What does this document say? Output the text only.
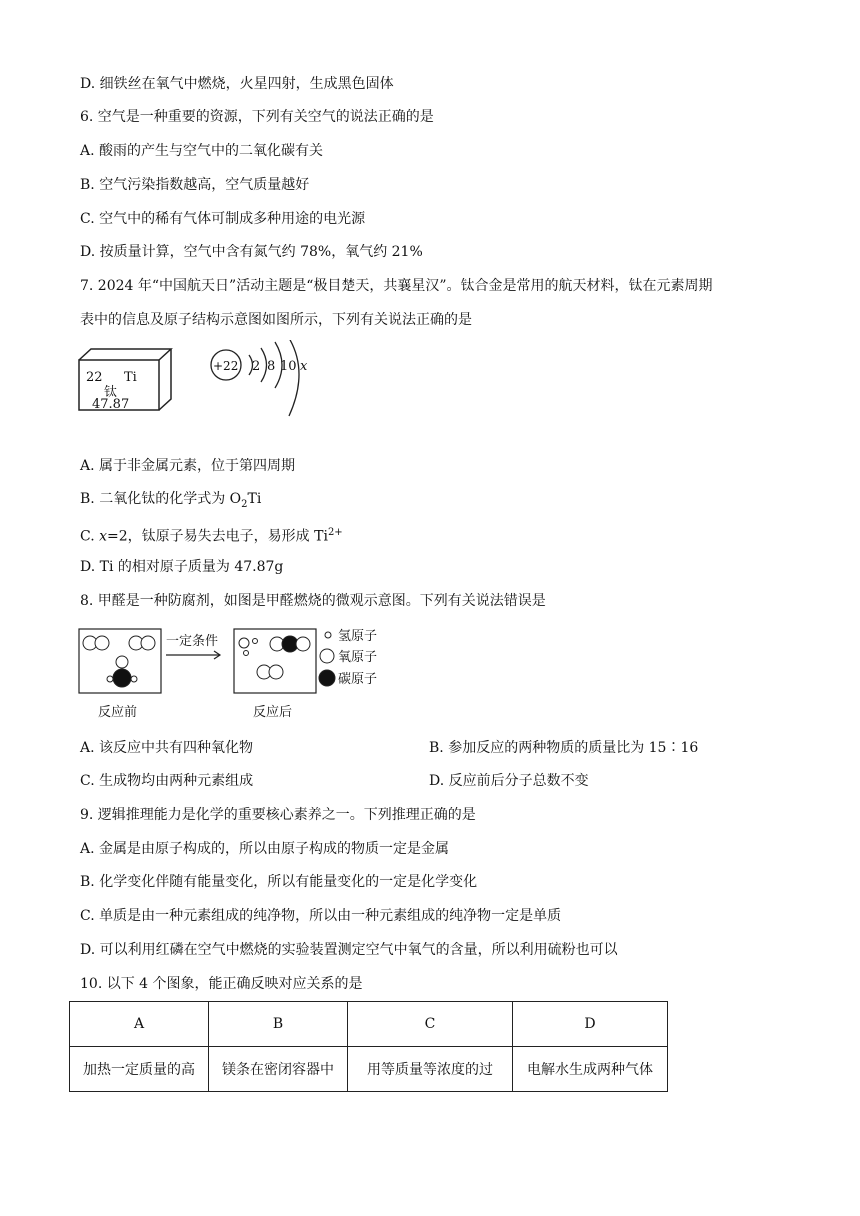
D. 细铁丝在氧气中燃烧，火星四射，生成黑色固体
6. 空气是一种重要的资源，下列有关空气的说法正确的是
A. 酸雨的产生与空气中的二氧化碳有关
B. 空气污染指数越高，空气质量越好
C. 空气中的稀有气体可制成多种用途的电光源
D. 按质量计算，空气中含有氮气约 78%，氧气约 21%
7. 2024 年“中国航天日”活动主题是“极目楚天，共襄星汉”。钛合金是常用的航天材料，钛在元素周期
表中的信息及原子结构示意图如图所示，下列有关说法正确的是
22 Ti
钛
47.87
+22 2 8 10 x
A. 属于非金属元素，位于第四周期
B. 二氧化钛的化学式为 $O_2Ti$
C. x=2，钛原子易失去电子，易形成 $Ti^{2+}$
D. Ti 的相对原子质量为 47.87g
8. 甲醛是一种防腐剂，如图是甲醛燃烧的微观示意图。下列有关说法错误是
一定条件	氢原子
氧原子
碳原子
反应前	反应后
A. 该反应中共有四种氧化物	B. 参加反应的两种物质的质量比为 15∶16
C. 生成物均由两种元素组成	D. 反应前后分子总数不变
9. 逻辑推理能力是化学的重要核心素养之一。下列推理正确的是
A. 金属是由原子构成的，所以由原子构成的物质一定是金属
B. 化学变化伴随有能量变化，所以有能量变化的一定是化学变化
C. 单质是由一种元素组成的纯净物，所以由一种元素组成的纯净物一定是单质
D. 可以利用红磷在空气中燃烧的实验装置测定空气中氧气的含量，所以利用硫粉也可以
10. 以下 4 个图象，能正确反映对应关系的是
A	B	C	D
加热一定质量的高	镁条在密闭容器中	用等质量等浓度的过	电解水生成两种气体
